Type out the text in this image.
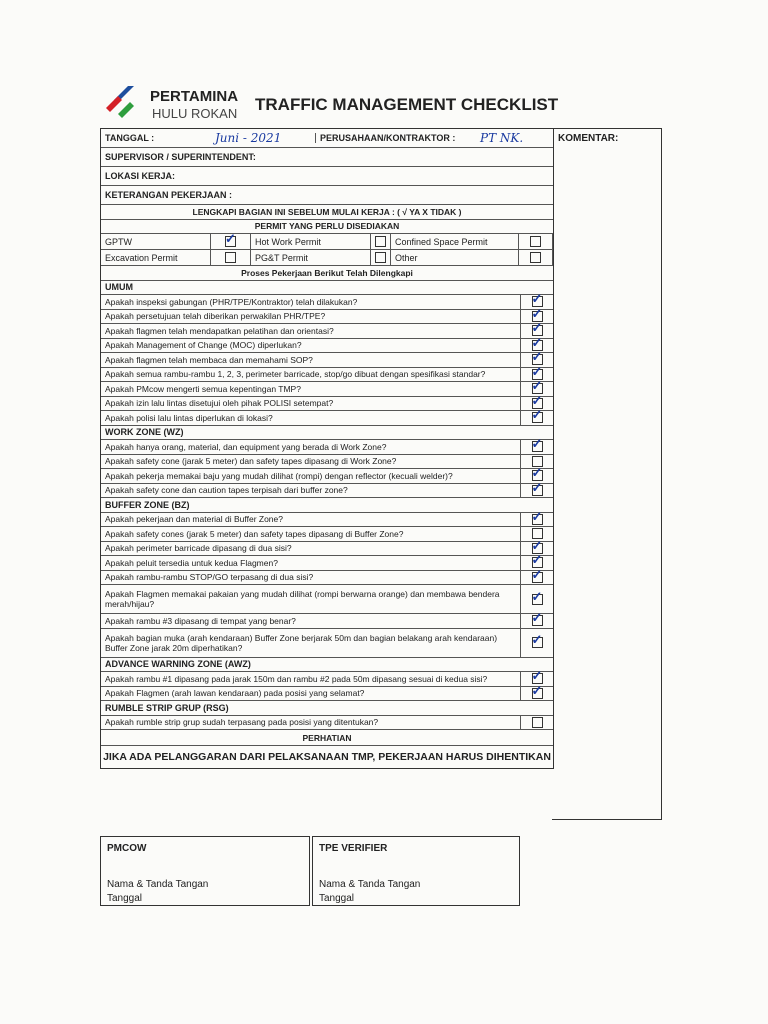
PERTAMINA
HULU ROKAN TRAFFIC MANAGEMENT CHECKLIST
TANGGAL :	Juni - 2021	PERUSAHAAN/KONTRAKTOR :	PT NK.
SUPERVISOR / SUPERINTENDENT:
LOKASI KERJA:
KETERANGAN PEKERJAAN :
LENGKAPI BAGIAN INI SEBELUM MULAI KERJA : ( √ YA X TIDAK )
PERMIT YANG PERLU DISEDIAKAN
GPTW
✓	Hot Work Permit	Confined Space Permit
Excavation Permit	PG&T Permit	Other
Proses Pekerjaan Berikut Telah Dilengkapi
UMUM
Apakah inspeksi gabungan (PHR/TPE/Kontraktor) telah dilakukan?
✓
Apakah persetujuan telah diberikan perwakilan PHR/TPE?
✓
Apakah flagmen telah mendapatkan pelatihan dan orientasi?
✓
Apakah Management of Change (MOC) diperlukan?
✓
Apakah flagmen telah membaca dan memahami SOP?
✓
Apakah semua rambu-rambu 1, 2, 3, perimeter barricade, stop/go dibuat dengan spesifikasi standar?
✓
Apakah PMcow mengerti semua kepentingan TMP?
✓
Apakah izin lalu lintas disetujui oleh pihak POLISI setempat?
✓
Apakah polisi lalu lintas diperlukan di lokasi?
✓
WORK ZONE (WZ)
Apakah hanya orang, material, dan equipment yang berada di Work Zone?
✓
Apakah safety cone (jarak 5 meter) dan safety tapes dipasang di Work Zone?
Apakah pekerja memakai baju yang mudah dilihat (rompi) dengan reflector (kecuali welder)?
✓
Apakah safety cone dan caution tapes terpisah dari buffer zone?
✓
BUFFER ZONE (BZ)
Apakah pekerjaan dan material di Buffer Zone?
✓
Apakah safety cones (jarak 5 meter) dan safety tapes dipasang di Buffer Zone?
Apakah perimeter barricade dipasang di dua sisi?
✓
Apakah peluit tersedia untuk kedua Flagmen?
✓
Apakah rambu-rambu STOP/GO terpasang di dua sisi?
✓
Apakah Flagmen memakai pakaian yang mudah dilihat (rompi berwarna orange) dan membawa bendera merah/hijau?
✓
Apakah rambu #3 dipasang di tempat yang benar?
✓
Apakah bagian muka (arah kendaraan) Buffer Zone berjarak 50m dan bagian belakang arah kendaraan) Buffer Zone jarak 20m diperhatikan?
✓
ADVANCE WARNING ZONE (AWZ)
Apakah rambu #1 dipasang pada jarak 150m dan rambu #2 pada 50m dipasang sesuai di kedua sisi?
✓
Apakah Flagmen (arah lawan kendaraan) pada posisi yang selamat?
✓
RUMBLE STRIP GRUP (RSG)
Apakah rumble strip grup sudah terpasang pada posisi yang ditentukan?
PERHATIAN
JIKA ADA PELANGGARAN DARI PELAKSANAAN TMP, PEKERJAAN HARUS DIHENTIKAN
KOMENTAR:
PMCOW
Nama & Tanda Tangan
Tanggal
TPE VERIFIER
Nama & Tanda Tangan
Tanggal
